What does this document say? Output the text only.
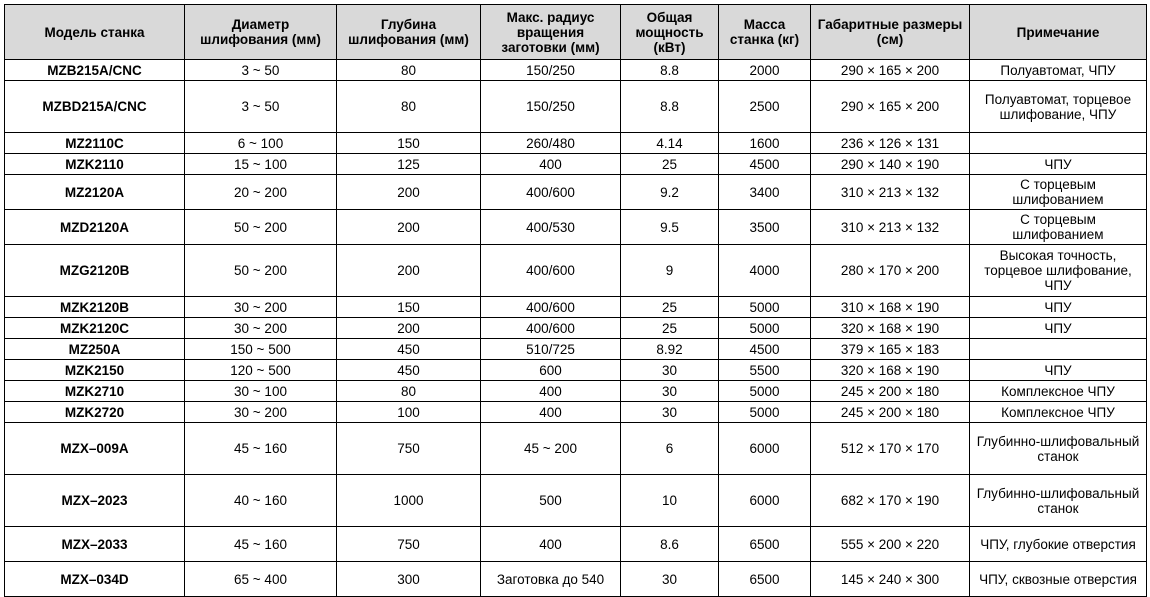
Модель станка	Диаметр шлифования (мм)	Глубина шлифования (мм)	Макс. радиус вращения заготовки (мм)	Общая мощность (кВт)	Масса станка (кг)	Габаритные размеры (см)	Примечание
MZB215A/CNC	3 ~ 50	80	150/250	8.8	2000	290 × 165 × 200	Полуавтомат, ЧПУ
MZBD215A/CNC	3 ~ 50	80	150/250	8.8	2500	290 × 165 × 200	Полуавтомат, торцевое шлифование, ЧПУ
MZ2110C	6 ~ 100	150	260/480	4.14	1600	236 × 126 × 131	
MZK2110	15 ~ 100	125	400	25	4500	290 × 140 × 190	ЧПУ
MZ2120A	20 ~ 200	200	400/600	9.2	3400	310 × 213 × 132	С торцевым шлифованием
MZD2120A	50 ~ 200	200	400/530	9.5	3500	310 × 213 × 132	С торцевым шлифованием
MZG2120B	50 ~ 200	200	400/600	9	4000	280 × 170 × 200	Высокая точность, торцевое шлифование, ЧПУ
MZK2120B	30 ~ 200	150	400/600	25	5000	310 × 168 × 190	ЧПУ
MZK2120C	30 ~ 200	200	400/600	25	5000	320 × 168 × 190	ЧПУ
MZ250A	150 ~ 500	450	510/725	8.92	4500	379 × 165 × 183	
MZK2150	120 ~ 500	450	600	30	5500	320 × 168 × 190	ЧПУ
MZK2710	30 ~ 100	80	400	30	5000	245 × 200 × 180	Комплексное ЧПУ
MZK2720	30 ~ 200	100	400	30	5000	245 × 200 × 180	Комплексное ЧПУ
MZX–009A	45 ~ 160	750	45 ~ 200	6	6000	512 × 170 × 170	Глубинно-шлифовальный станок
MZX–2023	40 ~ 160	1000	500	10	6000	682 × 170 × 190	Глубинно-шлифовальный станок
MZX–2033	45 ~ 160	750	400	8.6	6500	555 × 200 × 220	ЧПУ, глубокие отверстия
MZX–034D	65 ~ 400	300	Заготовка до 540	30	6500	145 × 240 × 300	ЧПУ, сквозные отверстия
